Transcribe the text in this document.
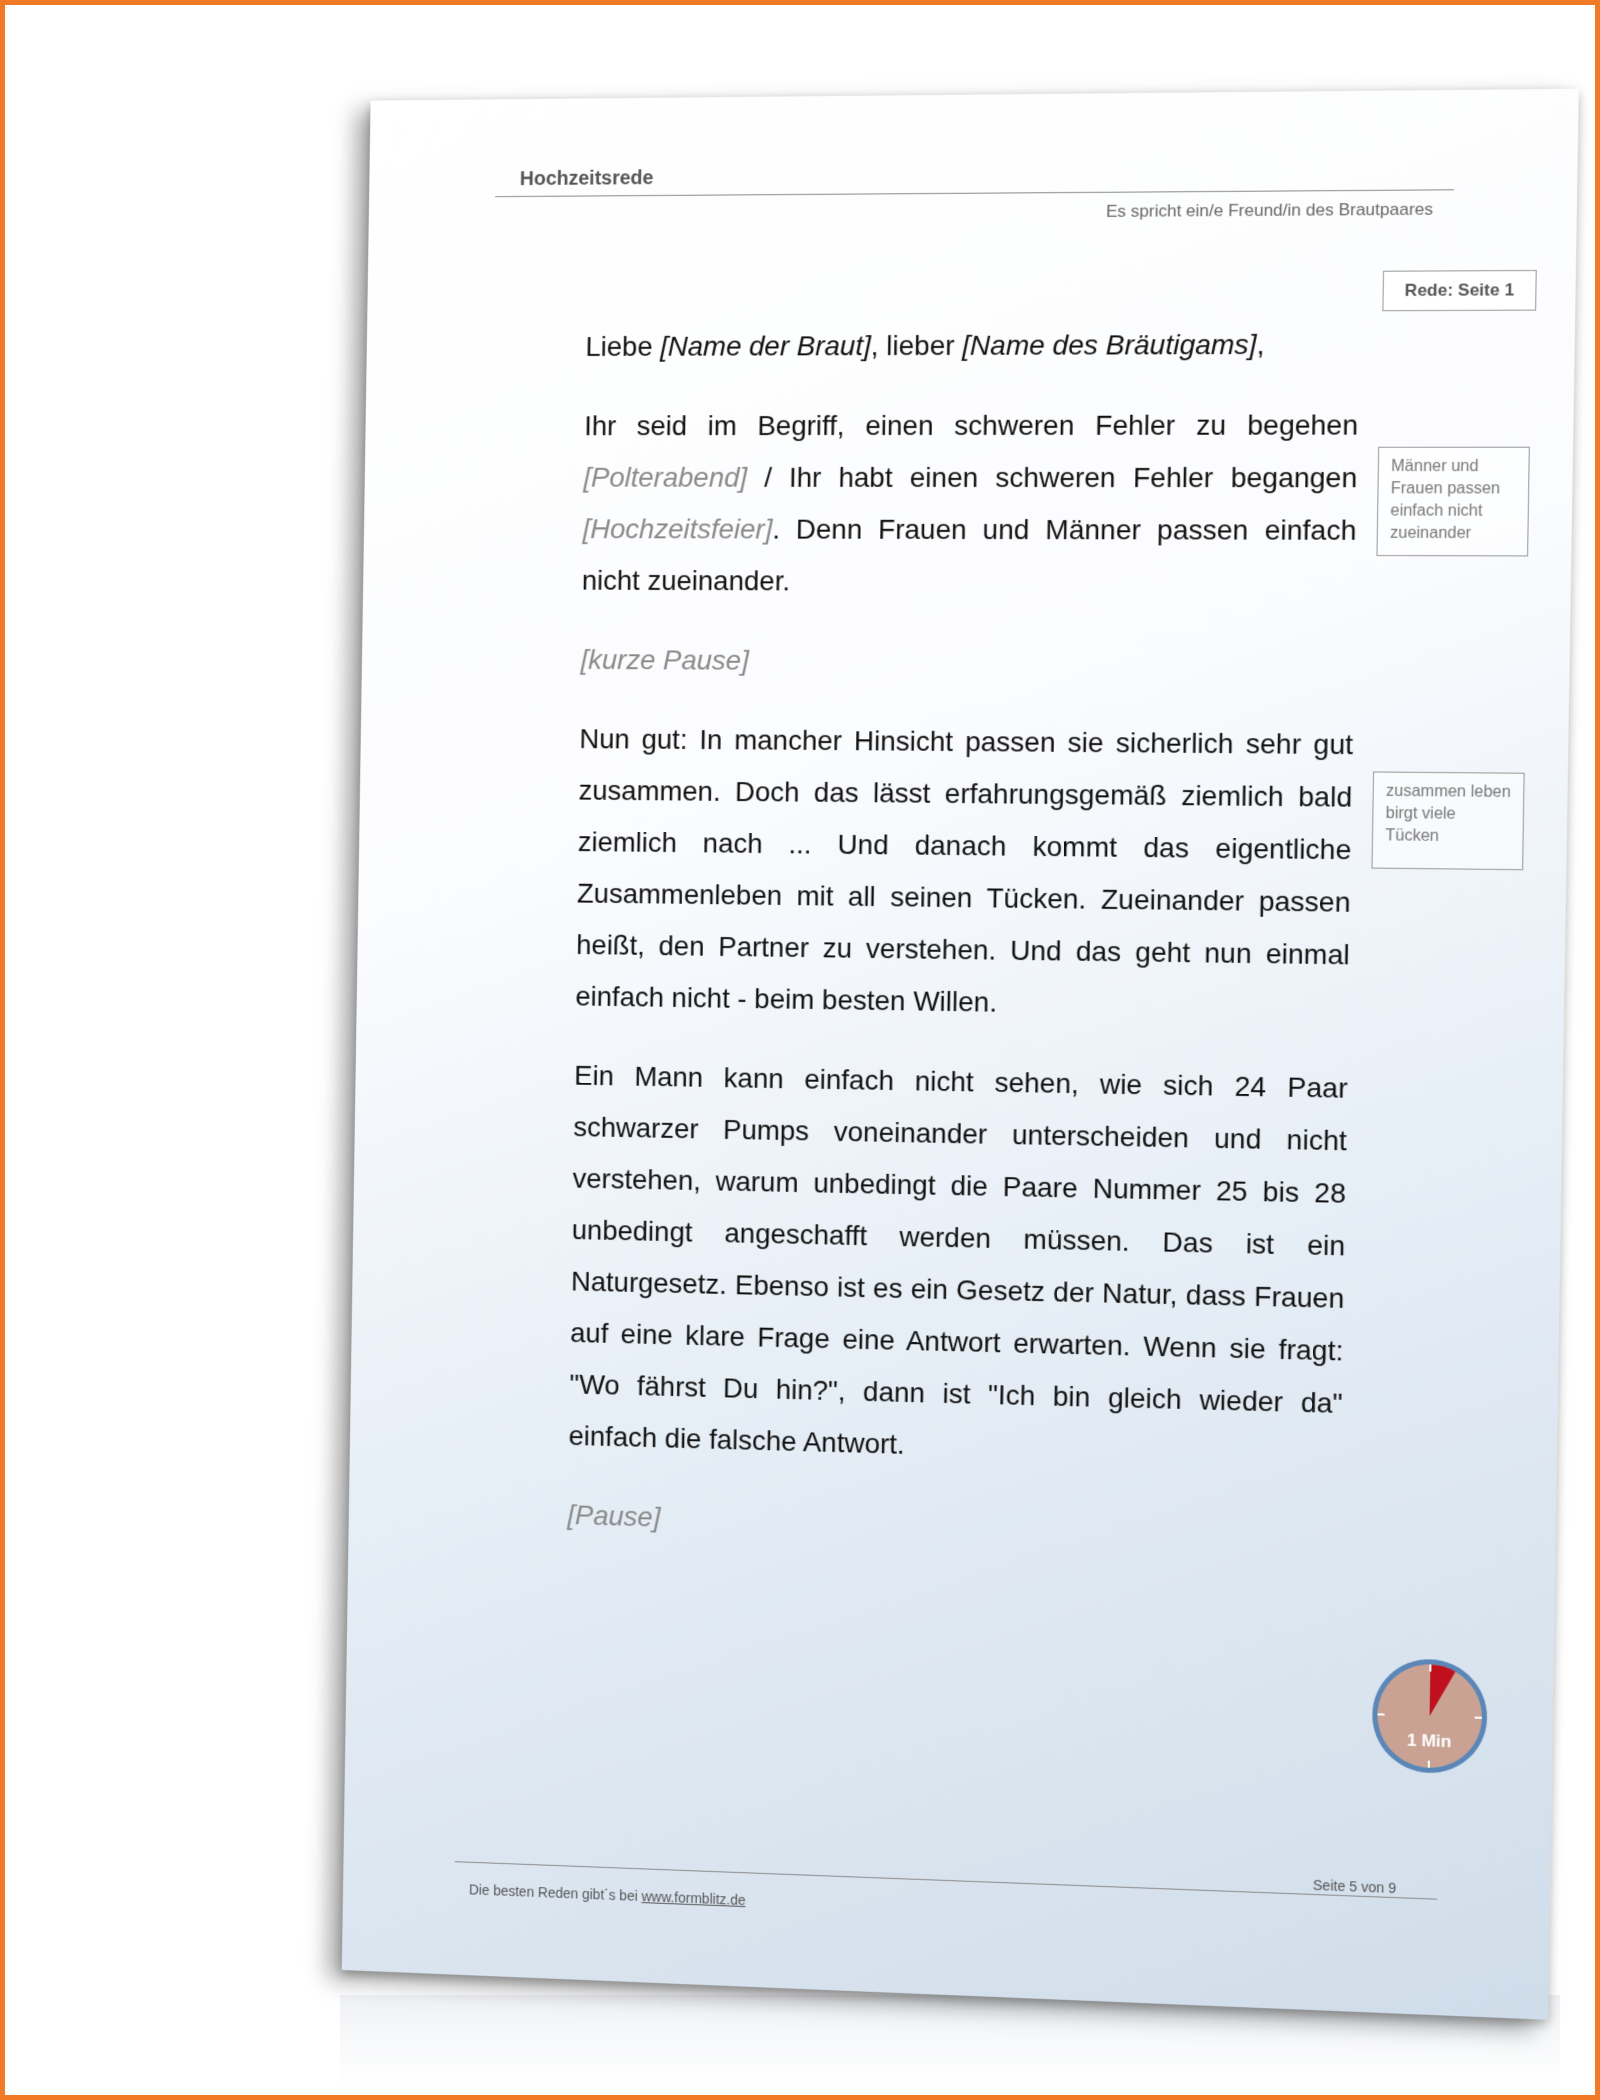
Hochzeitsrede
Es spricht ein/e Freund/in des Brautpaares
Rede: Seite 1

Liebe [Name der Braut], lieber [Name des Bräutigams],

Ihr seid im Begriff, einen schweren Fehler zu begehen [Polterabend] / Ihr habt einen schweren Fehler begangen [Hochzeitsfeier]. Denn Frauen und Männer passen einfach nicht zueinander.

[kurze Pause]

Nun gut: In mancher Hinsicht passen sie sicherlich sehr gut zusammen. Doch das lässt erfahrungsgemäß ziemlich bald ziemlich nach ... Und danach kommt das eigentliche Zusammenleben mit all seinen Tücken. Zueinander passen heißt, den Partner zu verstehen. Und das geht nun einmal einfach nicht - beim besten Willen.

Ein Mann kann einfach nicht sehen, wie sich 24 Paar schwarzer Pumps voneinander unterscheiden und nicht verstehen, warum unbedingt die Paare Nummer 25 bis 28 unbedingt angeschafft werden müssen. Das ist ein Naturgesetz. Ebenso ist es ein Gesetz der Natur, dass Frauen auf eine klare Frage eine Antwort erwarten. Wenn sie fragt: "Wo fährst Du hin?", dann ist "Ich bin gleich wieder da" einfach die falsche Antwort.

[Pause]

Männer und Frauen passen einfach nicht zueinander
zusammen leben birgt viele Tücken
1 Min
Seite 5 von 9
Die besten Reden gibt´s bei www.formblitz.de
